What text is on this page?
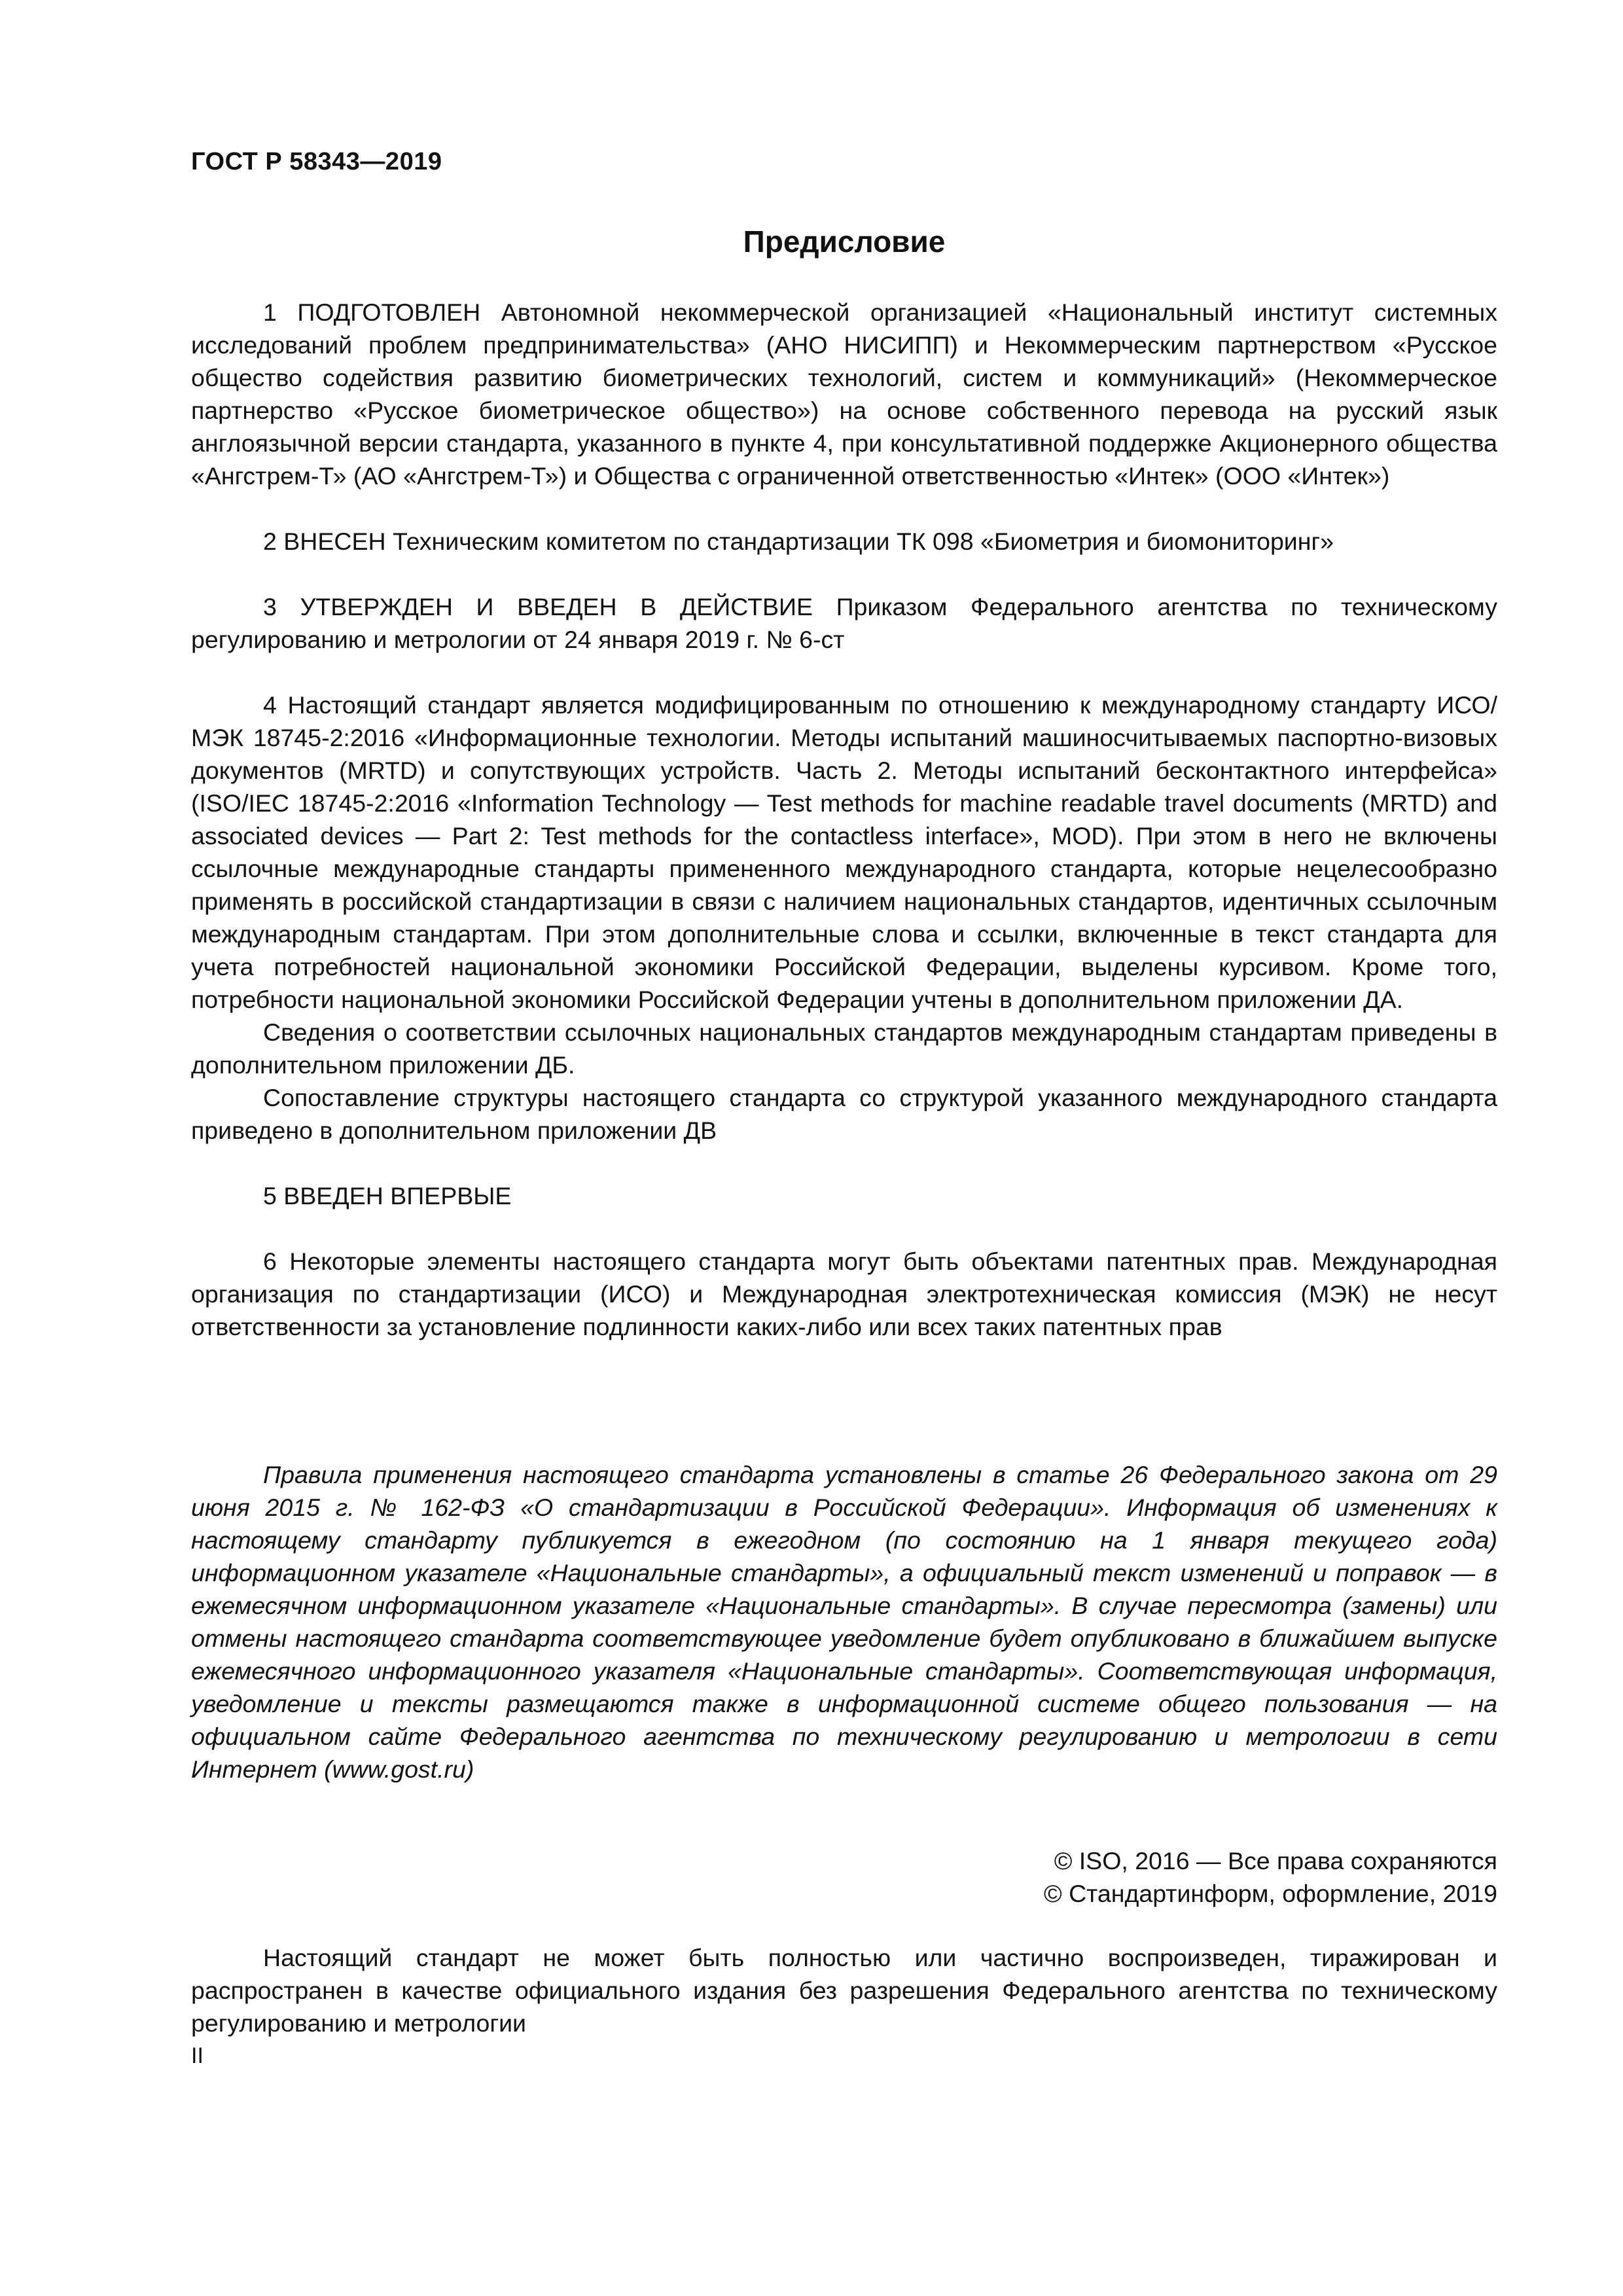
ГОСТ Р 58343—2019
Предисловие

1 ПОДГОТОВЛЕН Автономной некоммерческой организацией «Национальный институт системных исследований проблем предпринимательства» (АНО НИСИПП) и Некоммерческим партнерством «Русское общество содействия развитию биометрических технологий, систем и коммуникаций» (Некоммерческое партнерство «Русское биометрическое общество») на основе собственного перевода на русский язык англоязычной версии стандарта, указанного в пункте 4, при консультативной поддержке Акционерного общества «Ангстрем-Т» (АО «Ангстрем-Т») и Общества с ограниченной ответственностью «Интек» (ООО «Интек»)

2 ВНЕСЕН Техническим комитетом по стандартизации ТК 098 «Биометрия и биомониторинг»

3 УТВЕРЖДЕН И ВВЕДЕН В ДЕЙСТВИЕ Приказом Федерального агентства по техническому регулированию и метрологии от 24 января 2019 г. № 6-ст

4 Настоящий стандарт является модифицированным по отношению к международному стандарту ИСО/МЭК 18745-2:2016 «Информационные технологии. Методы испытаний машиносчитываемых паспортно-визовых документов (MRTD) и сопутствующих устройств. Часть 2. Методы испытаний бесконтактного интерфейса» (ISO/IEC 18745-2:2016 «Information Technology — Test methods for machine readable travel documents (MRTD) and associated devices — Part 2: Test methods for the contactless interface», MOD). При этом в него не включены ссылочные международные стандарты примененного международного стандарта, которые нецелесообразно применять в российской стандартизации в связи с наличием национальных стандартов, идентичных ссылочным международным стандартам. При этом дополнительные слова и ссылки, включенные в текст стандарта для учета потребностей национальной экономики Российской Федерации, выделены курсивом. Кроме того, потребности национальной экономики Российской Федерации учтены в дополнительном приложении ДА.

Сведения о соответствии ссылочных национальных стандартов международным стандартам приведены в дополнительном приложении ДБ.

Сопоставление структуры настоящего стандарта со структурой указанного международного стандарта приведено в дополнительном приложении ДВ

5 ВВЕДЕН ВПЕРВЫЕ

6 Некоторые элементы настоящего стандарта могут быть объектами патентных прав. Международная организация по стандартизации (ИСО) и Международная электротехническая комиссия (МЭК) не несут ответственности за установление подлинности каких-либо или всех таких патентных прав

Правила применения настоящего стандарта установлены в статье 26 Федерального закона от 29 июня 2015 г. № 162-ФЗ «О стандартизации в Российской Федерации». Информация об изменениях к настоящему стандарту публикуется в ежегодном (по состоянию на 1 января текущего года) информационном указателе «Национальные стандарты», а официальный текст изменений и поправок — в ежемесячном информационном указателе «Национальные стандарты». В случае пересмотра (замены) или отмены настоящего стандарта соответствующее уведомление будет опубликовано в ближайшем выпуске ежемесячного информационного указателя «Национальные стандарты». Соответствующая информация, уведомление и тексты размещаются также в информационной системе общего пользования — на официальном сайте Федерального агентства по техническому регулированию и метрологии в сети Интернет (www.gost.ru)

© ISO, 2016 — Все права сохраняются
© Стандартинформ, оформление, 2019

Настоящий стандарт не может быть полностью или частично воспроизведен, тиражирован и распространен в качестве официального издания без разрешения Федерального агентства по техническому регулированию и метрологии

II
